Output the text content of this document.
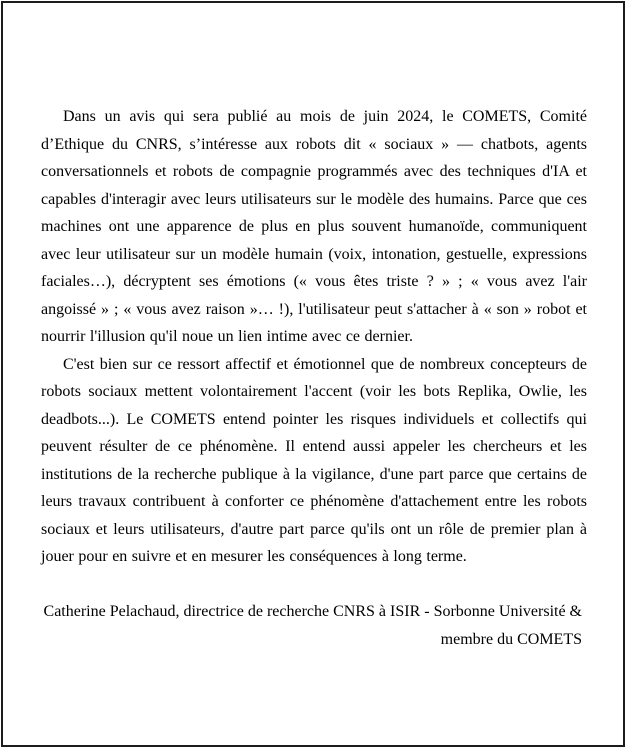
Dans un avis qui sera publié au mois de juin 2024, le COMETS, Comité d’Ethique du CNRS, s’intéresse aux robots dit « sociaux » — chatbots, agents conversationnels et robots de compagnie programmés avec des techniques d'IA et capables d'interagir avec leurs utilisateurs sur le modèle des humains. Parce que ces machines ont une apparence de plus en plus souvent humanoïde, communiquent avec leur utilisateur sur un modèle humain (voix, intonation, gestuelle, expressions faciales…), décryptent ses émotions (« vous êtes triste ? » ; « vous avez l'air angoissé » ; « vous avez raison »… !), l'utilisateur peut s'attacher à « son » robot et nourrir l'illusion qu'il noue un lien intime avec ce dernier.

C'est bien sur ce ressort affectif et émotionnel que de nombreux concepteurs de robots sociaux mettent volontairement l'accent (voir les bots Replika, Owlie, les deadbots...). Le COMETS entend pointer les risques individuels et collectifs qui peuvent résulter de ce phénomène. Il entend aussi appeler les chercheurs et les institutions de la recherche publique à la vigilance, d'une part parce que certains de leurs travaux contribuent à conforter ce phénomène d'attachement entre les robots sociaux et leurs utilisateurs, d'autre part parce qu'ils ont un rôle de premier plan à jouer pour en suivre et en mesurer les conséquences à long terme.

Catherine Pelachaud, directrice de recherche CNRS à ISIR - Sorbonne Université &
membre du COMETS
